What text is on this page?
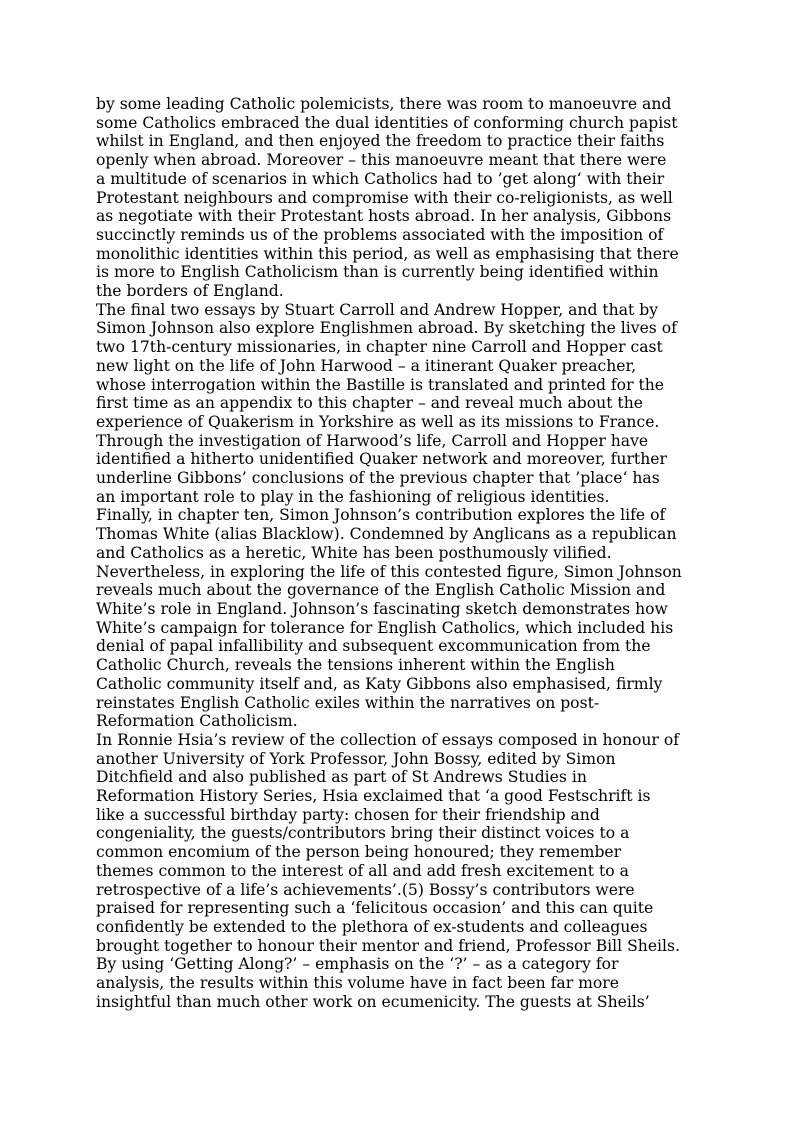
by some leading Catholic polemicists, there was room to manoeuvre and
some Catholics embraced the dual identities of conforming church papist
whilst in England, and then enjoyed the freedom to practice their faiths
openly when abroad. Moreover – this manoeuvre meant that there were
a multitude of scenarios in which Catholics had to ’get along‘ with their
Protestant neighbours and compromise with their co-religionists, as well
as negotiate with their Protestant hosts abroad. In her analysis, Gibbons
succinctly reminds us of the problems associated with the imposition of
monolithic identities within this period, as well as emphasising that there
is more to English Catholicism than is currently being identified within
the borders of England.
The final two essays by Stuart Carroll and Andrew Hopper, and that by
Simon Johnson also explore Englishmen abroad. By sketching the lives of
two 17th-century missionaries, in chapter nine Carroll and Hopper cast
new light on the life of John Harwood – a itinerant Quaker preacher,
whose interrogation within the Bastille is translated and printed for the
first time as an appendix to this chapter – and reveal much about the
experience of Quakerism in Yorkshire as well as its missions to France.
Through the investigation of Harwood’s life, Carroll and Hopper have
identified a hitherto unidentified Quaker network and moreover, further
underline Gibbons’ conclusions of the previous chapter that ’place‘ has
an important role to play in the fashioning of religious identities.
Finally, in chapter ten, Simon Johnson’s contribution explores the life of
Thomas White (alias Blacklow). Condemned by Anglicans as a republican
and Catholics as a heretic, White has been posthumously vilified.
Nevertheless, in exploring the life of this contested figure, Simon Johnson
reveals much about the governance of the English Catholic Mission and
White’s role in England. Johnson’s fascinating sketch demonstrates how
White’s campaign for tolerance for English Catholics, which included his
denial of papal infallibility and subsequent excommunication from the
Catholic Church, reveals the tensions inherent within the English
Catholic community itself and, as Katy Gibbons also emphasised, firmly
reinstates English Catholic exiles within the narratives on post-
Reformation Catholicism.
In Ronnie Hsia’s review of the collection of essays composed in honour of
another University of York Professor, John Bossy, edited by Simon
Ditchfield and also published as part of St Andrews Studies in
Reformation History Series, Hsia exclaimed that ‘a good Festschrift is
like a successful birthday party: chosen for their friendship and
congeniality, the guests/contributors bring their distinct voices to a
common encomium of the person being honoured; they remember
themes common to the interest of all and add fresh excitement to a
retrospective of a life’s achievements’.(5) Bossy’s contributors were
praised for representing such a ‘felicitous occasion’ and this can quite
confidently be extended to the plethora of ex-students and colleagues
brought together to honour their mentor and friend, Professor Bill Sheils.
By using ‘Getting Along?’ – emphasis on the ‘?’ – as a category for
analysis, the results within this volume have in fact been far more
insightful than much other work on ecumenicity. The guests at Sheils’
